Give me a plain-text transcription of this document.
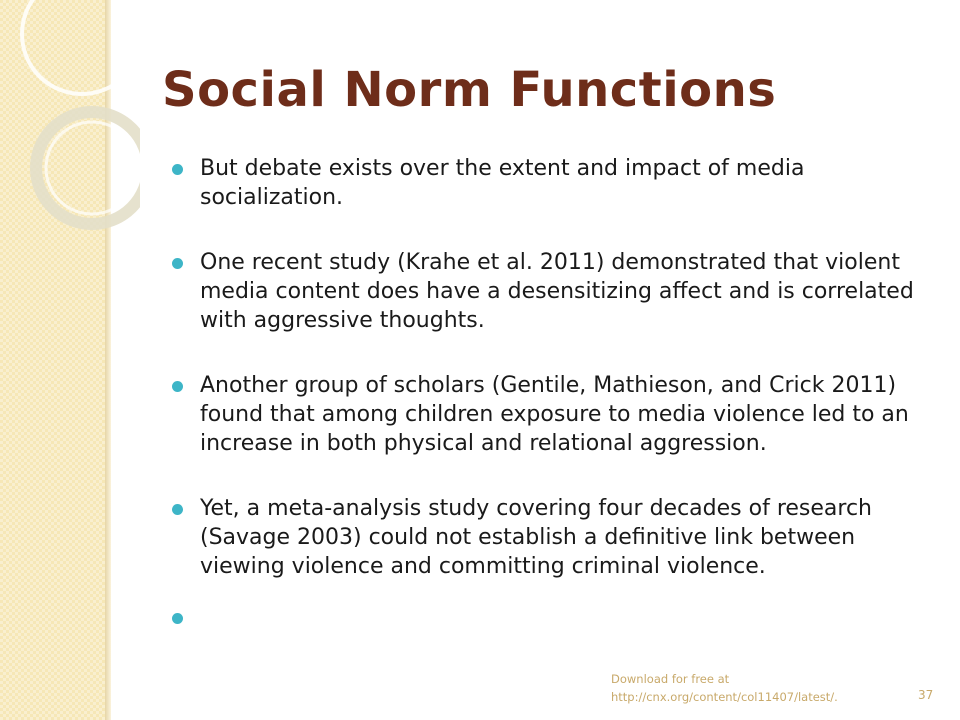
Social Norm Functions
But debate exists over the extent and impact of media socialization.
One recent study (Krahe et al. 2011) demonstrated that violent media content does have a desensitizing affect and is correlated with aggressive thoughts.
Another group of scholars (Gentile, Mathieson, and Crick 2011) found that among children exposure to media violence led to an increase in both physical and relational aggression.
Yet, a meta-analysis study covering four decades of research (Savage 2003) could not establish a definitive link between viewing violence and committing criminal violence.
Download for free at
http://cnx.org/content/col11407/latest/.	37
